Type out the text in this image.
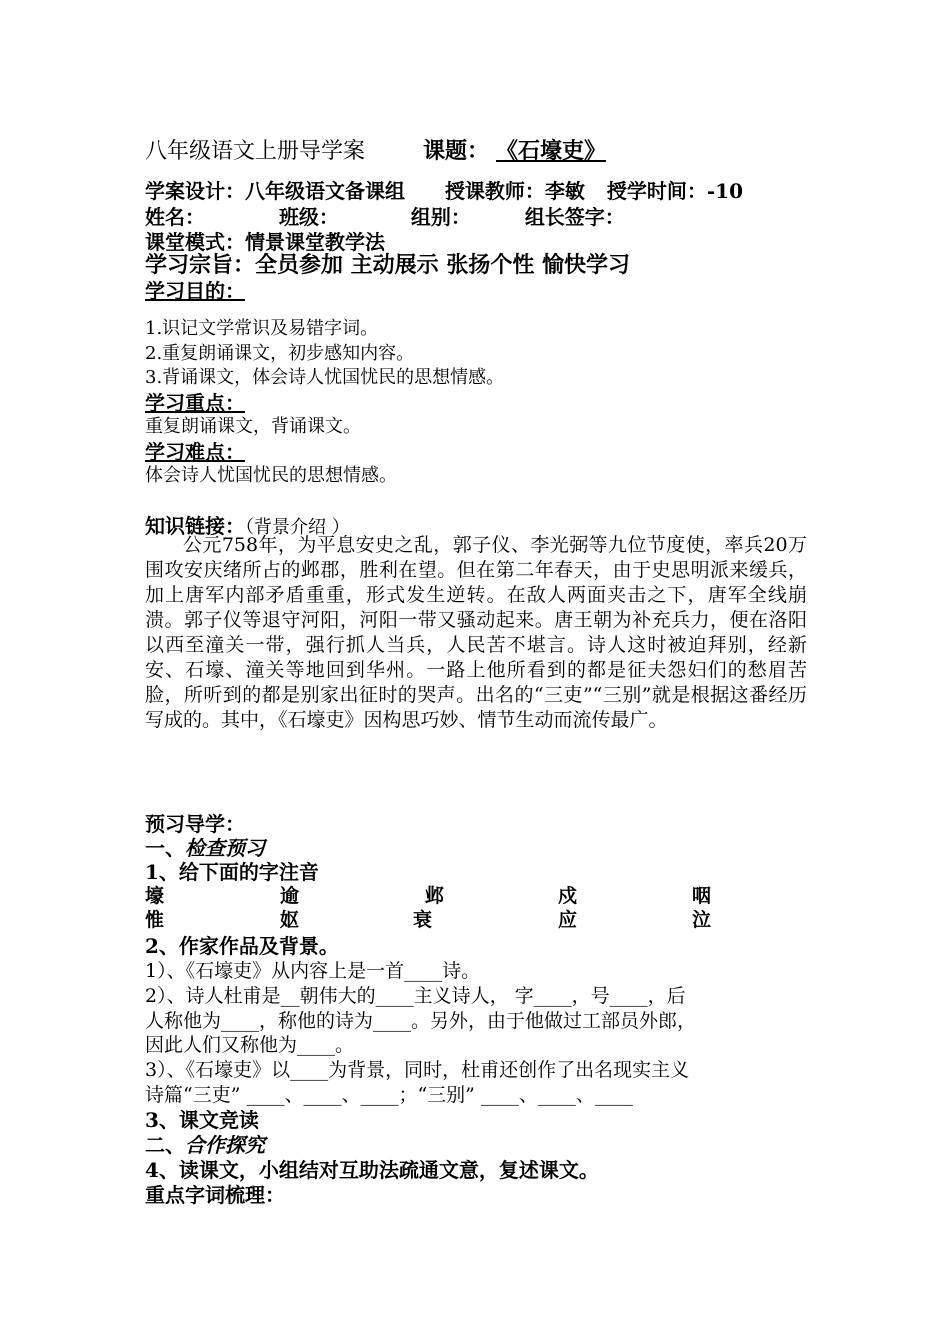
八年级语文上册导学案	课题： 《石壕吏》
学案设计：八年级语文备课组 授课教师：李敏 授学时间：-10
姓名：	班级：	组别：	组长签字：
课堂模式：情景课堂教学法
学习宗旨：全员参加 主动展示 张扬个性 愉快学习
学习目的：
1.识记文学常识及易错字词。
2.重复朗诵课文，初步感知内容。
3.背诵课文，体会诗人忧国忧民的思想情感。
学习重点：
重复朗诵课文，背诵课文。
学习难点：
体会诗人忧国忧民的思想情感。
知识链接：（背景介绍 ）

公元758年，为平息安史之乱，郭子仪、李光弼等九位节度使，率兵20万围攻安庆绪所占的邺郡，胜利在望。但在第二年春天，由于史思明派来缓兵，加上唐军内部矛盾重重，形式发生逆转。在敌人两面夹击之下，唐军全线崩溃。郭子仪等退守河阳，河阳一带又骚动起来。唐王朝为补充兵力，便在洛阳以西至潼关一带，强行抓人当兵，人民苦不堪言。诗人这时被迫拜别，经新安、石壕、潼关等地回到华州。一路上他所看到的都是征夫怨妇们的愁眉苦脸，所听到的都是别家出征时的哭声。出名的“三吏”“三别”就是根据这番经历写成的。其中，《石壕吏》因构思巧妙、情节生动而流传最广。

预习导学：
一、检查预习
1、给下面的字注音
壕	逾	邺	戍	咽
惟	妪	衰	应	泣
2、作家作品及背景。
1）、《石壕吏》从内容上是一首____诗。
2）、诗人杜甫是__朝伟大的____主义诗人， 字____，号____，后
人称他为____，称他的诗为____。另外，由于他做过工部员外郎，
因此人们又称他为____。
3）、《石壕吏》以____为背景，同时，杜甫还创作了出名现实主义
诗篇“三吏” ____、____、____；“三别” ____、____、____
3、课文竞读
二、合作探究
4、读课文，小组结对互助法疏通文意，复述课文。
重点字词梳理：
